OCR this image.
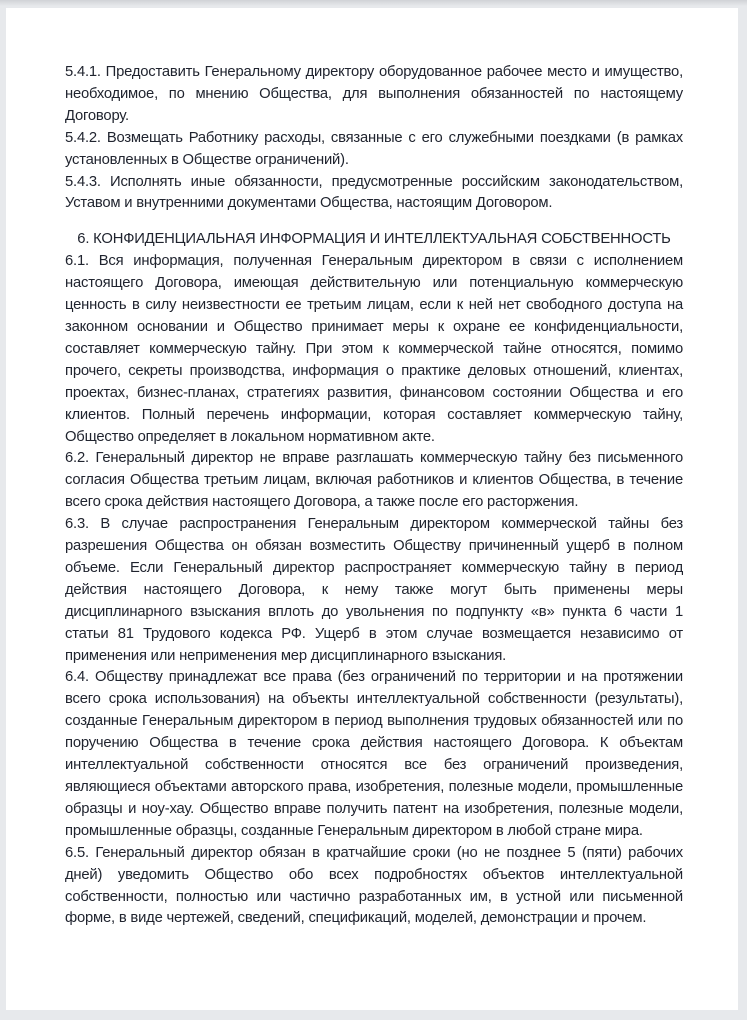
5.4.1. Предоставить Генеральному директору оборудованное рабочее место и имущество, необходимое, по мнению Общества, для выполнения обязанностей по настоящему Договору.

5.4.2. Возмещать Работнику расходы, связанные с его служебными поездками (в рамках установленных в Обществе ограничений).

5.4.3. Исполнять иные обязанности, предусмотренные российским законодательством, Уставом и внутренними документами Общества, настоящим Договором.

6. КОНФИДЕНЦИАЛЬНАЯ ИНФОРМАЦИЯ И ИНТЕЛЛЕКТУАЛЬНАЯ СОБСТВЕННОСТЬ

6.1. Вся информация, полученная Генеральным директором в связи с исполнением настоящего Договора, имеющая действительную или потенциальную коммерческую ценность в силу неизвестности ее третьим лицам, если к ней нет свободного доступа на законном основании и Общество принимает меры к охране ее конфиденциальности, составляет коммерческую тайну. При этом к коммерческой тайне относятся, помимо прочего, секреты производства, информация о практике деловых отношений, клиентах, проектах, бизнес-планах, стратегиях развития, финансовом состоянии Общества и его клиентов. Полный перечень информации, которая составляет коммерческую тайну, Общество определяет в локальном нормативном акте.

6.2. Генеральный директор не вправе разглашать коммерческую тайну без письменного согласия Общества третьим лицам, включая работников и клиентов Общества, в течение всего срока действия настоящего Договора, а также после его расторжения.

6.3. В случае распространения Генеральным директором коммерческой тайны без разрешения Общества он обязан возместить Обществу причиненный ущерб в полном объеме. Если Генеральный директор распространяет коммерческую тайну в период действия настоящего Договора, к нему также могут быть применены меры дисциплинарного взыскания вплоть до увольнения по подпункту «в» пункта 6 части 1 статьи 81 Трудового кодекса РФ. Ущерб в этом случае возмещается независимо от применения или неприменения мер дисциплинарного взыскания.

6.4. Обществу принадлежат все права (без ограничений по территории и на протяжении всего срока использования) на объекты интеллектуальной собственности (результаты), созданные Генеральным директором в период выполнения трудовых обязанностей или по поручению Общества в течение срока действия настоящего Договора. К объектам интеллектуальной собственности относятся все без ограничений произведения, являющиеся объектами авторского права, изобретения, полезные модели, промышленные образцы и ноу-хау. Общество вправе получить патент на изобретения, полезные модели, промышленные образцы, созданные Генеральным директором в любой стране мира.

6.5. Генеральный директор обязан в кратчайшие сроки (но не позднее 5 (пяти) рабочих дней) уведомить Общество обо всех подробностях объектов интеллектуальной собственности, полностью или частично разработанных им, в устной или письменной форме, в виде чертежей, сведений, спецификаций, моделей, демонстрации и прочем.
